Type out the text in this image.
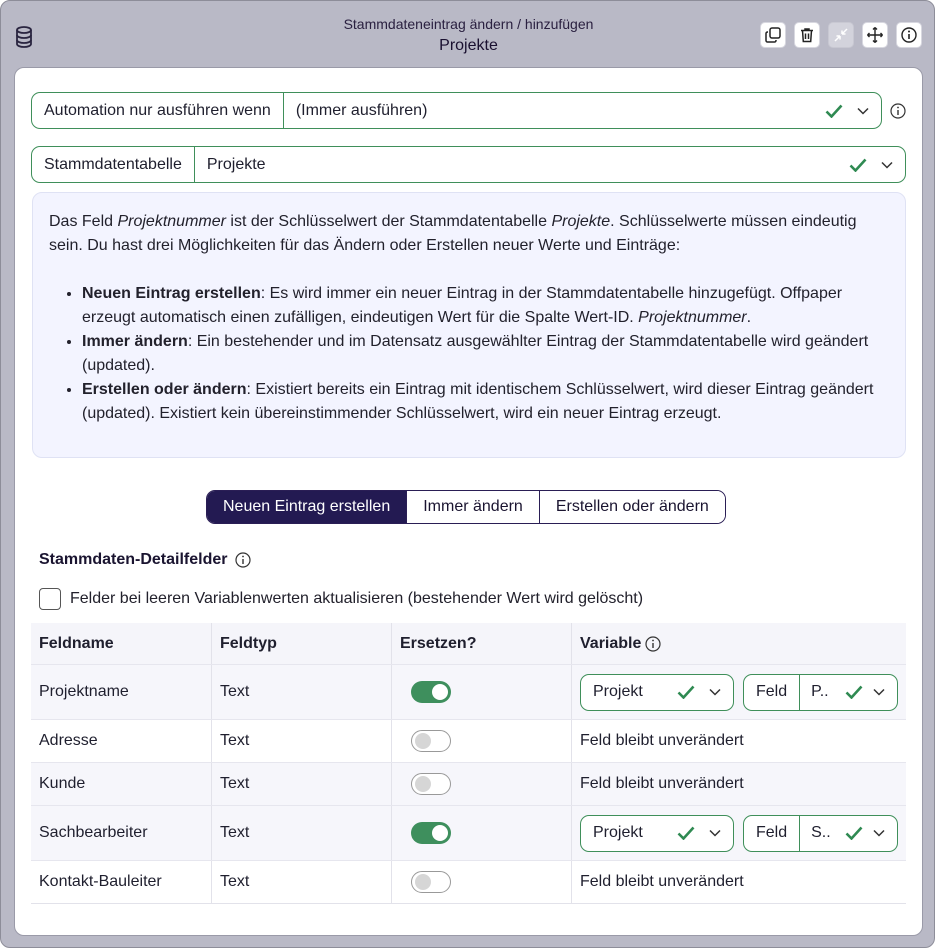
Stammdateneintrag ändern / hinzufügen
Projekte
Automation nur ausführen wenn	(Immer ausführen)
Stammdatentabelle	Projekte

Das Feld Projektnummer ist der Schlüsselwert der Stammdatentabelle Projekte. Schlüsselwerte müssen eindeutig sein. Du hast drei Möglichkeiten für das Ändern oder Erstellen neuer Werte und Einträge:

• Neuen Eintrag erstellen: Es wird immer ein neuer Eintrag in der Stammdatentabelle hinzugefügt. Offpaper erzeugt automatisch einen zufälligen, eindeutigen Wert für die Spalte Wert-ID. Projektnummer.
• Immer ändern: Ein bestehender und im Datensatz ausgewählter Eintrag der Stammdatentabelle wird geändert (updated).
• Erstellen oder ändern: Existiert bereits ein Eintrag mit identischem Schlüsselwert, wird dieser Eintrag geändert (updated). Existiert kein übereinstimmender Schlüsselwert, wird ein neuer Eintrag erzeugt.
Neuen Eintrag erstellen	Immer ändern	Erstellen oder ändern
Stammdaten-Detailfelder
Felder bei leeren Variablenwerten aktualisieren (bestehender Wert wird gelöscht)
Feldname	Feldtyp	Ersetzen?	Variable
Projektname	Text	Projekt	Feld	P..
Adresse	Text	Feld bleibt unverändert
Kunde	Text	Feld bleibt unverändert
Sachbearbeiter	Text	Projekt	Feld	S..
Kontakt-Bauleiter	Text	Feld bleibt unverändert
